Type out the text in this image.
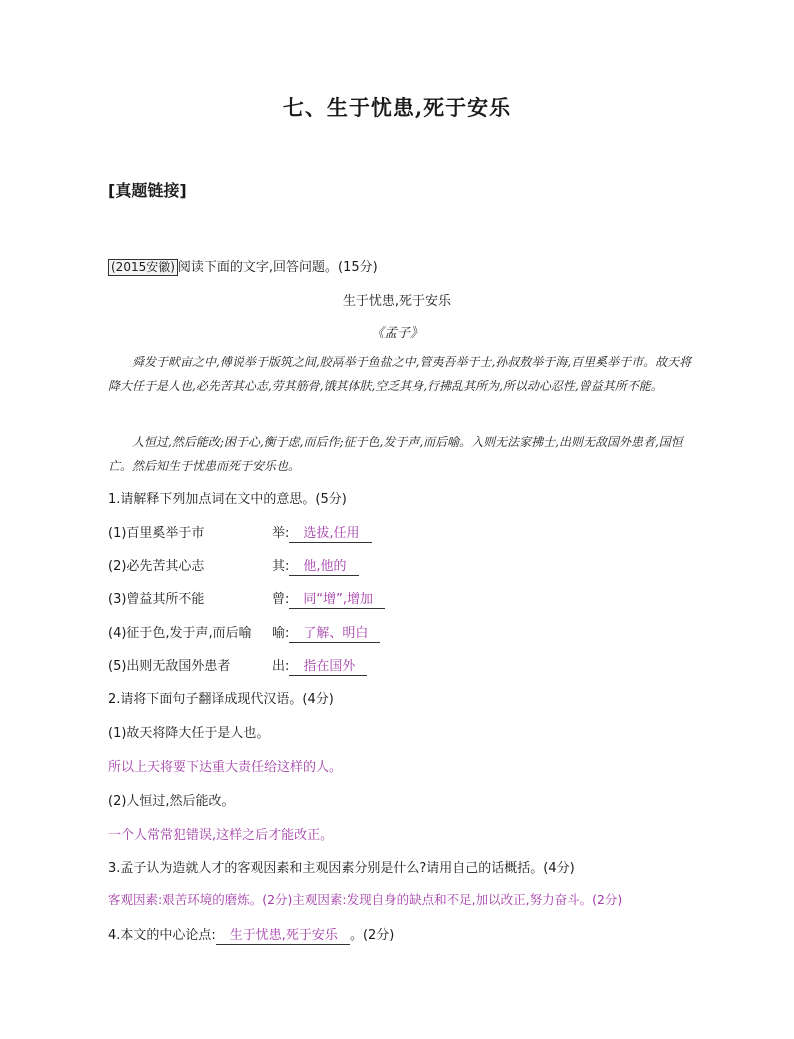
七、生于忧患,死于安乐
[真题链接]
(2015安徽) 阅读下面的文字,回答问题。(15分)
生于忧患,死于安乐
《孟子》
舜发于畎亩之中,傅说举于版筑之间,胶鬲举于鱼盐之中,管夷吾举于士,孙叔敖举于海,百里奚举于市。故天将降大任于是人也,必先苦其心志,劳其筋骨,饿其体肤,空乏其身,行拂乱其所为,所以动心忍性,曾益其所不能。
人恒过,然后能改;困于心,衡于虑,而后作;征于色,发于声,而后喻。入则无法家拂士,出则无敌国外患者,国恒亡。然后知生于忧患而死于安乐也。
1.请解释下列加点词在文中的意思。(5分)
(1)百里奚举于市	举: 选拔,任用
(2)必先苦其心志	其: 他,他的
(3)曾益其所不能	曾: 同“增”,增加
(4)征于色,发于声,而后喻 喻: 了解、明白
(5)出则无敌国外患者	出: 指在国外
2.请将下面句子翻译成现代汉语。(4分)
(1)故天将降大任于是人也。
所以上天将要下达重大责任给这样的人。
(2)人恒过,然后能改。
一个人常常犯错误,这样之后才能改正。
3.孟子认为造就人才的客观因素和主观因素分别是什么?请用自己的话概括。(4分)
客观因素:艰苦环境的磨炼。(2分)主观因素:发现自身的缺点和不足,加以改正,努力奋斗。(2分)
4.本文的中心论点: 生于忧患,死于安乐 。(2分)
